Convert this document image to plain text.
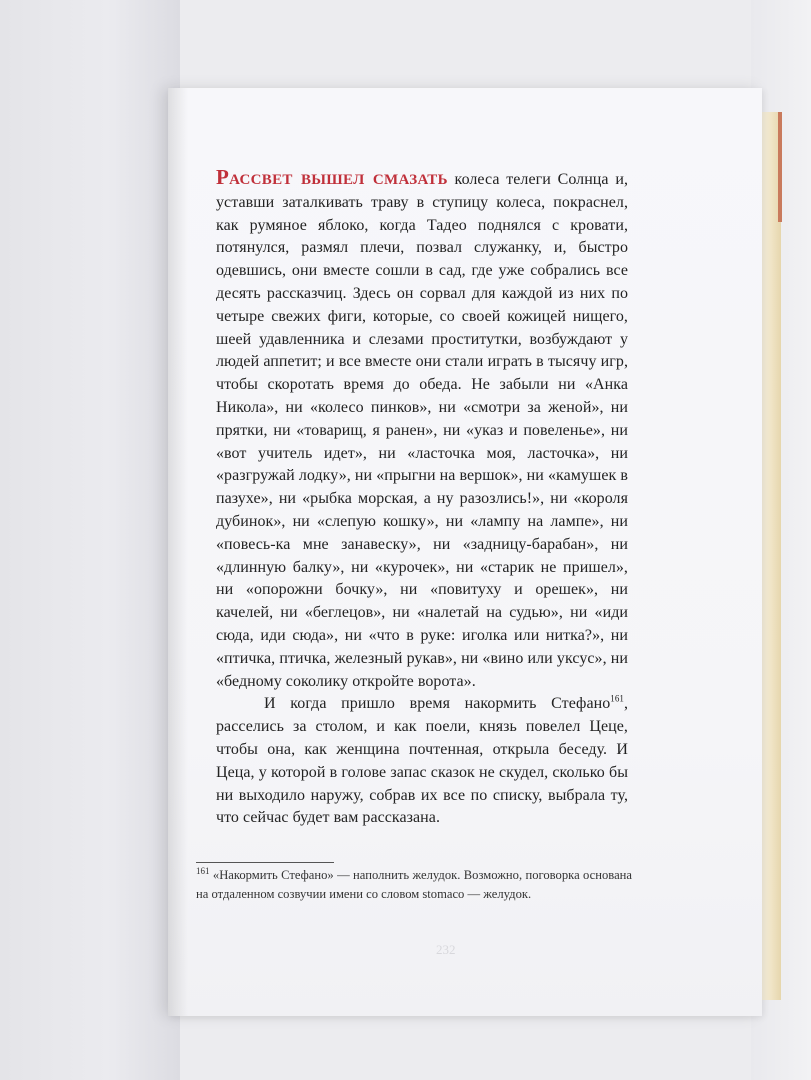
Рассвет вышел смазать колеса телеги Солнца и, уставши заталкивать траву в ступицу колеса, покраснел, как румяное яблоко, когда Тадео поднялся с кровати, потянулся, размял плечи, позвал служанку, и, быстро одевшись, они вместе сошли в сад, где уже собрались все десять рассказчиц. Здесь он сорвал для каждой из них по четыре свежих фиги, которые, со своей кожицей нищего, шеей удавленника и слезами проститутки, возбуждают у людей аппетит; и все вместе они стали играть в тысячу игр, чтобы скоротать время до обеда. Не забыли ни «Анка Никола», ни «колесо пинков», ни «смотри за женой», ни прятки, ни «товарищ, я ранен», ни «указ и повеленье», ни «вот учитель идет», ни «ласточка моя, ласточка», ни «разгружай лодку», ни «прыгни на вершок», ни «камушек в пазухе», ни «рыбка морская, а ну разозлись!», ни «короля дубинок», ни «слепую кошку», ни «лампу на лампе», ни «повесь-ка мне занавеску», ни «задницу-барабан», ни «длинную балку», ни «курочек», ни «старик не пришел», ни «опорожни бочку», ни «повитуху и орешек», ни качелей, ни «беглецов», ни «налетай на судью», ни «иди сюда, иди сюда», ни «что в руке: иголка или нитка?», ни «птичка, птичка, железный рукав», ни «вино или уксус», ни «бедному соколику откройте ворота».

И когда пришло время накормить Стефано$^{161}$, расселись за столом, и как поели, князь повелел Цеце, чтобы она, как женщина почтенная, открыла беседу. И Цеца, у которой в голове запас сказок не скудел, сколько бы ни выходило наружу, собрав их все по списку, выбрала ту, что сейчас будет вам рассказана.

$^{161}$ «Накормить Стефано» — наполнить желудок. Возможно, поговорка основана на отдаленном созвучии имени со словом stomaco — желудок.

232
